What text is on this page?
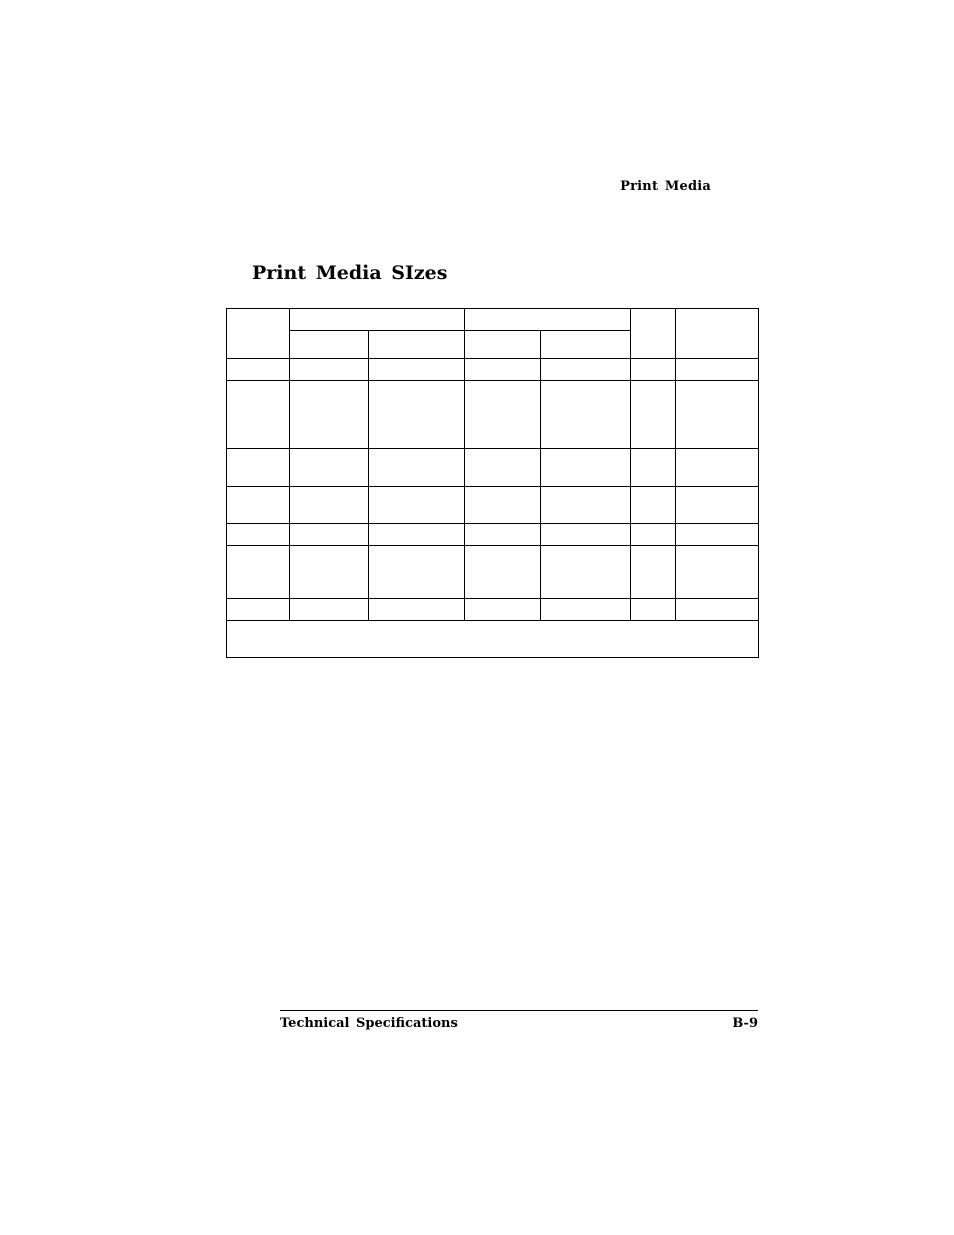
Print Media
Print Media SIzes

Technical Specifications	B-9
